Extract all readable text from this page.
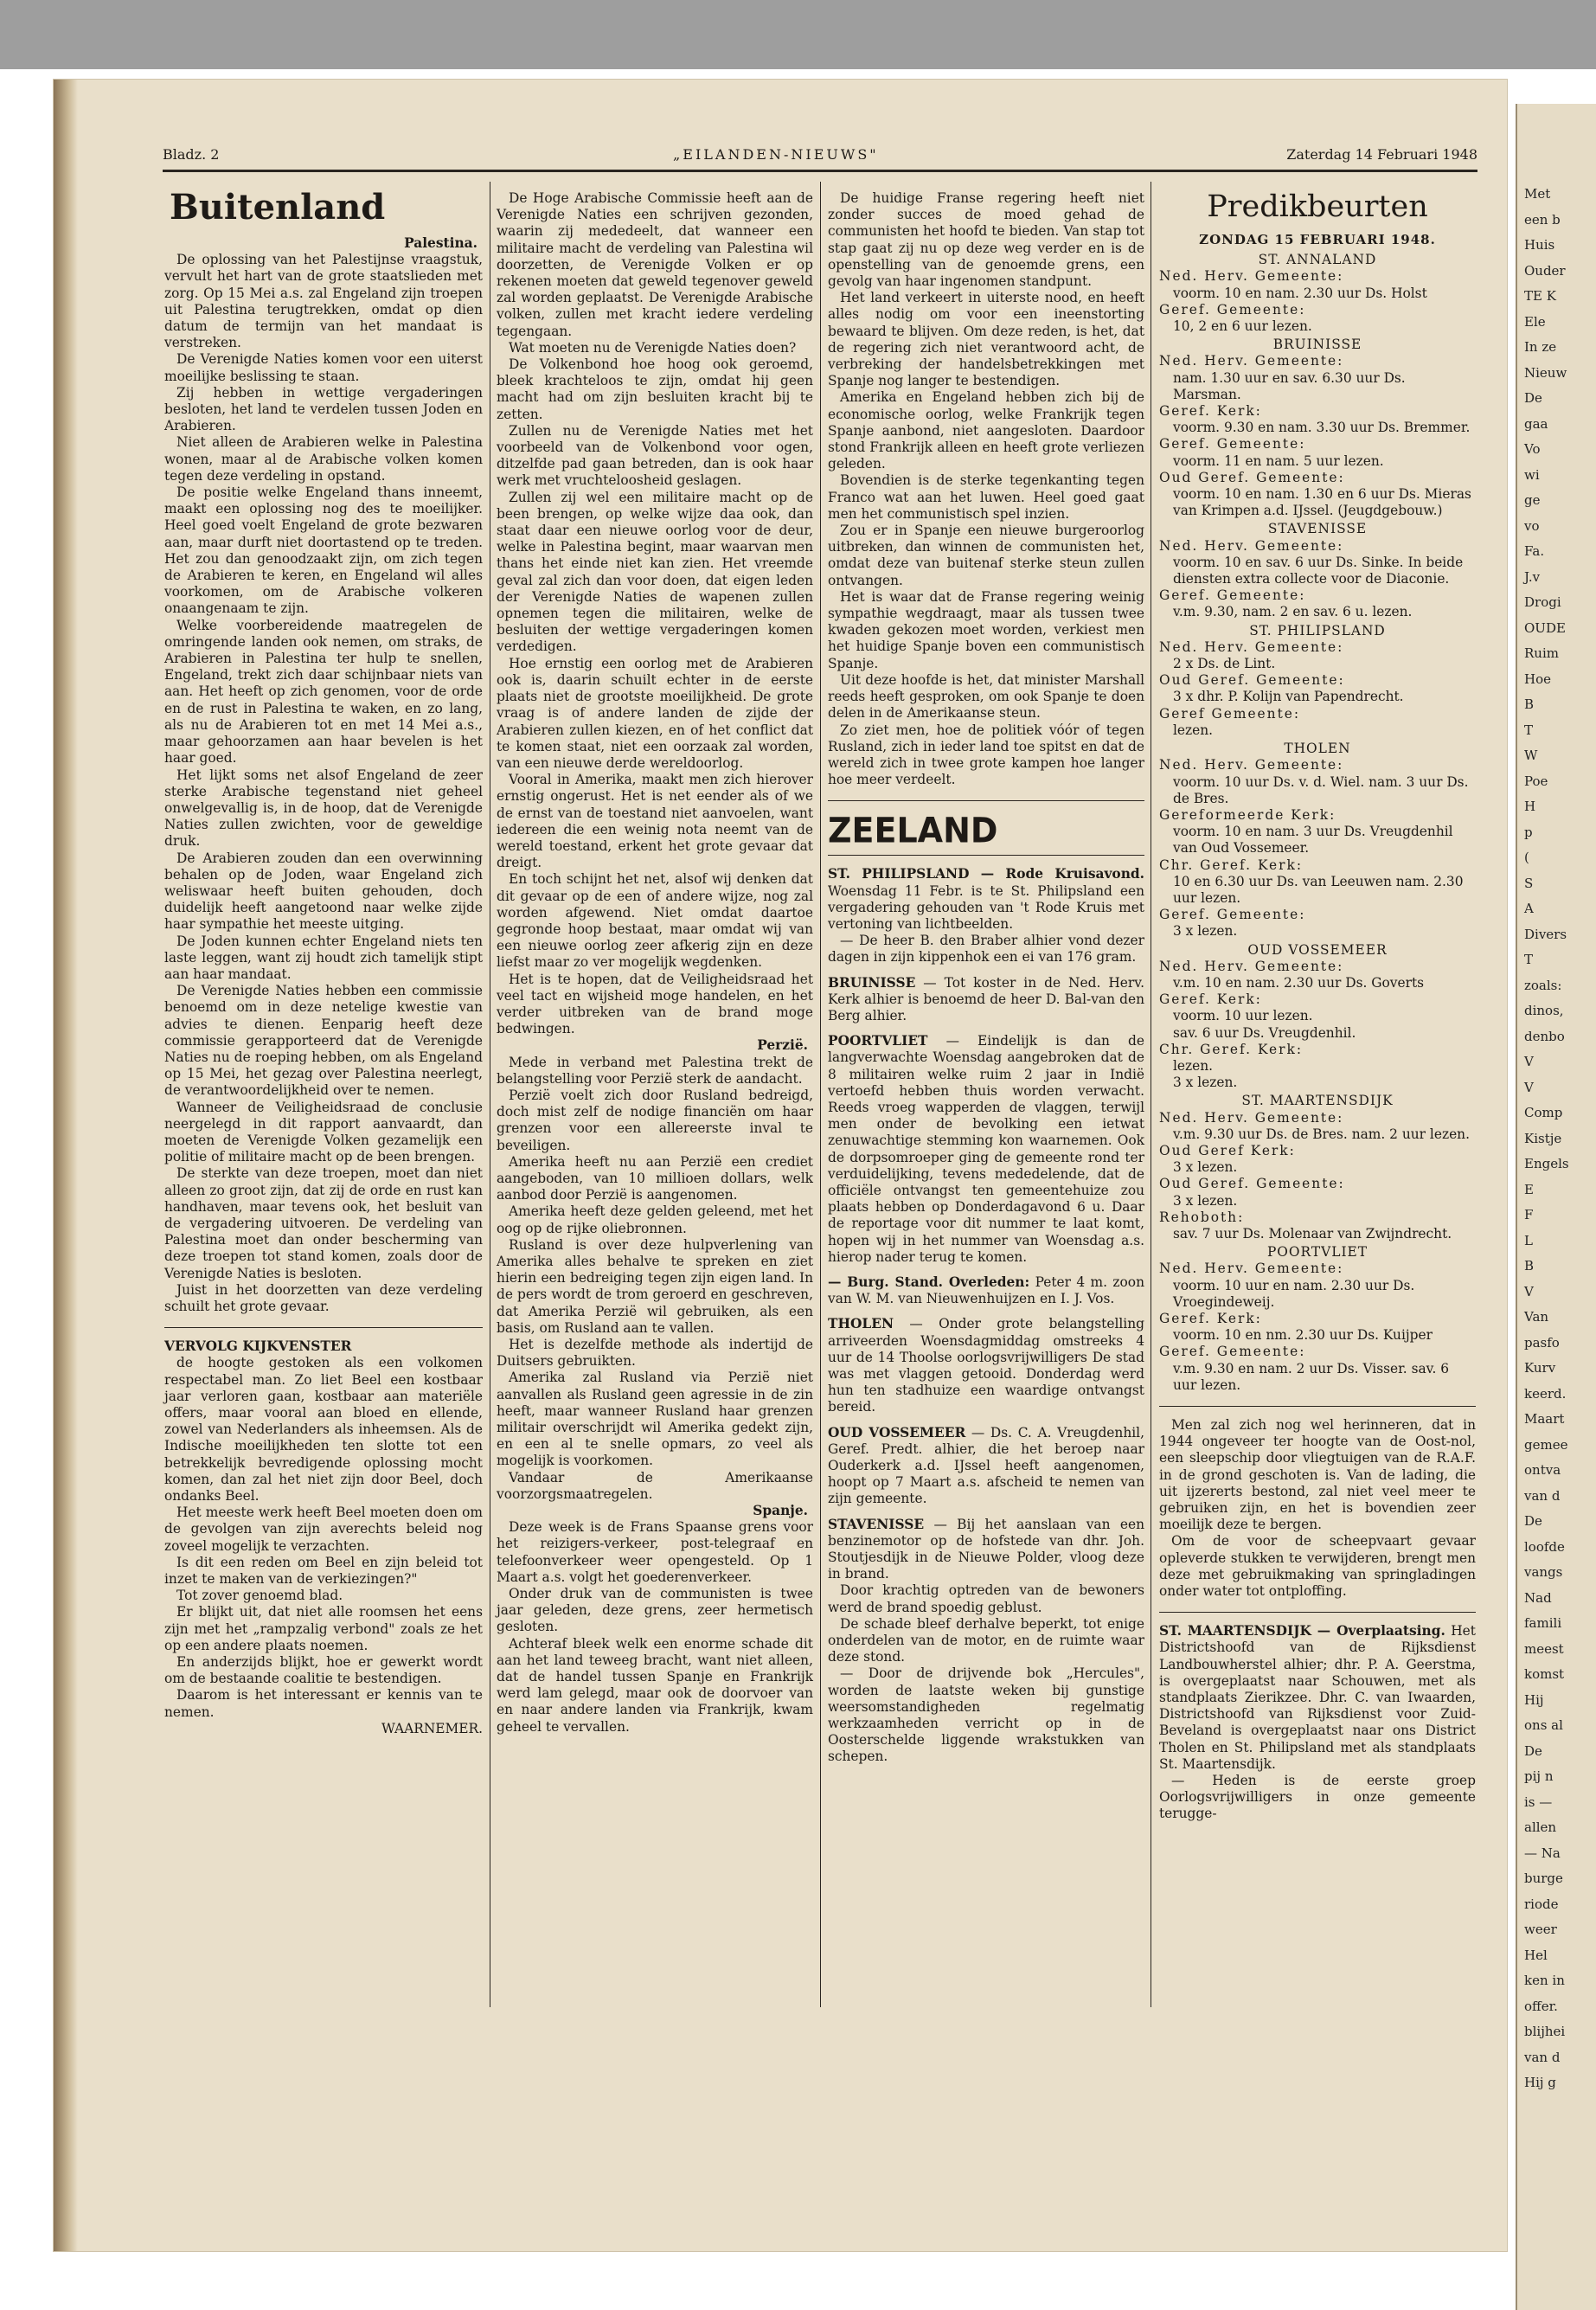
Met
een b
Huis
Ouder
TE K
Ele
In ze
Nieuw
De
gaa
Vo
wi
ge
vo
Fa.
J.v
Drogi
OUDE
Ruim
Hoe
B
T
W
Poe
H
p
(
S
A
Divers
T
zoals:
dinos,
denbo
V
V
Comp
Kistje
Engels
E
F
L
B
V
Van
pasfo
Kurv
keerd.
Maart
gemee
ontva
van d
De
loofde
vangs
Nad
famili
meest
komst
Hij
ons al
De
pij n
is —
allen
— Na
burge
riode
weer
Hel
ken in
offer.
blijhei
van d
Hij g
Bladz. 2	„EILANDEN-NIEUWS"	Zaterdag 14 Februari 1948
Buitenland
Palestina.

De oplossing van het Palestijnse vraagstuk, vervult het hart van de grote staatslieden met zorg. Op 15 Mei a.s. zal Engeland zijn troepen uit Palestina terugtrekken, omdat op dien datum de termijn van het mandaat is verstreken.

De Verenigde Naties komen voor een uiterst moeilijke beslissing te staan.

Zij hebben in wettige vergaderingen besloten, het land te verdelen tussen Joden en Arabieren.

Niet alleen de Arabieren welke in Palestina wonen, maar al de Arabische volken komen tegen deze verdeling in opstand.

De positie welke Engeland thans inneemt, maakt een oplossing nog des te moeilijker. Heel goed voelt Engeland de grote bezwaren aan, maar durft niet doortastend op te treden. Het zou dan genoodzaakt zijn, om zich tegen de Arabieren te keren, en Engeland wil alles voorkomen, om de Arabische volkeren onaangenaam te zijn.

Welke voorbereidende maatregelen de omringende landen ook nemen, om straks, de Arabieren in Palestina ter hulp te snellen, Engeland, trekt zich daar schijnbaar niets van aan. Het heeft op zich genomen, voor de orde en de rust in Palestina te waken, en zo lang, als nu de Arabieren tot en met 14 Mei a.s., maar gehoorzamen aan haar bevelen is het haar goed.

Het lijkt soms net alsof Engeland de zeer sterke Arabische tegenstand niet geheel onwelgevallig is, in de hoop, dat de Verenigde Naties zullen zwichten, voor de geweldige druk.

De Arabieren zouden dan een overwinning behalen op de Joden, waar Engeland zich weliswaar heeft buiten gehouden, doch duidelijk heeft aangetoond naar welke zijde haar sympathie het meeste uitging.

De Joden kunnen echter Engeland niets ten laste leggen, want zij houdt zich tamelijk stipt aan haar mandaat.

De Verenigde Naties hebben een commissie benoemd om in deze netelige kwestie van advies te dienen. Eenparig heeft deze commissie gerapporteerd dat de Verenigde Naties nu de roeping hebben, om als Engeland op 15 Mei, het gezag over Palestina neerlegt, de verantwoordelijkheid over te nemen.

Wanneer de Veiligheidsraad de conclusie neergelegd in dit rapport aanvaardt, dan moeten de Verenigde Volken gezamelijk een politie of militaire macht op de been brengen.

De sterkte van deze troepen, moet dan niet alleen zo groot zijn, dat zij de orde en rust kan handhaven, maar tevens ook, het besluit van de vergadering uitvoeren. De verdeling van Palestina moet dan onder bescherming van deze troepen tot stand komen, zoals door de Verenigde Naties is besloten.

Juist in het doorzetten van deze verdeling schuilt het grote gevaar.

VERVOLG KIJKVENSTER

de hoogte gestoken als een volkomen respectabel man. Zo liet Beel een kostbaar jaar verloren gaan, kostbaar aan materiële offers, maar vooral aan bloed en ellende, zowel van Nederlanders als inheemsen. Als de Indische moeilijkheden ten slotte tot een betrekkelijk bevredigende oplossing mocht komen, dan zal het niet zijn door Beel, doch ondanks Beel.

Het meeste werk heeft Beel moeten doen om de gevolgen van zijn averechts beleid nog zoveel mogelijk te verzachten.

Is dit een reden om Beel en zijn beleid tot inzet te maken van de verkiezingen?"

Tot zover genoemd blad.

Er blijkt uit, dat niet alle roomsen het eens zijn met het „rampzalig verbond" zoals ze het op een andere plaats noemen.

En anderzijds blijkt, hoe er gewerkt wordt om de bestaande coalitie te bestendigen.

Daarom is het interessant er kennis van te nemen.

WAARNEMER.

De Hoge Arabische Commissie heeft aan de Verenigde Naties een schrijven gezonden, waarin zij mededeelt, dat wanneer een militaire macht de verdeling van Palestina wil doorzetten, de Verenigde Volken er op rekenen moeten dat geweld tegenover geweld zal worden geplaatst. De Verenigde Arabische volken, zullen met kracht iedere verdeling tegengaan.

Wat moeten nu de Verenigde Naties doen?

De Volkenbond hoe hoog ook geroemd, bleek krachteloos te zijn, omdat hij geen macht had om zijn besluiten kracht bij te zetten.

Zullen nu de Verenigde Naties met het voorbeeld van de Volkenbond voor ogen, ditzelfde pad gaan betreden, dan is ook haar werk met vruchteloosheid geslagen.

Zullen zij wel een militaire macht op de been brengen, op welke wijze daa ook, dan staat daar een nieuwe oorlog voor de deur, welke in Palestina begint, maar waarvan men thans het einde niet kan zien. Het vreemde geval zal zich dan voor doen, dat eigen leden der Verenigde Naties de wapenen zullen opnemen tegen die militairen, welke de besluiten der wettige vergaderingen komen verdedigen.

Hoe ernstig een oorlog met de Arabieren ook is, daarin schuilt echter in de eerste plaats niet de grootste moeilijkheid. De grote vraag is of andere landen de zijde der Arabieren zullen kiezen, en of het conflict dat te komen staat, niet een oorzaak zal worden, van een nieuwe derde wereldoorlog.

Vooral in Amerika, maakt men zich hierover ernstig ongerust. Het is net eender als of we de ernst van de toestand niet aanvoelen, want iedereen die een weinig nota neemt van de wereld toestand, erkent het grote gevaar dat dreigt.

En toch schijnt het net, alsof wij denken dat dit gevaar op de een of andere wijze, nog zal worden afgewend. Niet omdat daartoe gegronde hoop bestaat, maar omdat wij van een nieuwe oorlog zeer afkerig zijn en deze liefst maar zo ver mogelijk wegdenken.

Het is te hopen, dat de Veiligheidsraad het veel tact en wijsheid moge handelen, en het verder uitbreken van de brand moge bedwingen.

Perzië.

Mede in verband met Palestina trekt de belangstelling voor Perzië sterk de aandacht.

Perzië voelt zich door Rusland bedreigd, doch mist zelf de nodige financiën om haar grenzen voor een allereerste inval te beveiligen.

Amerika heeft nu aan Perzië een crediet aangeboden, van 10 millioen dollars, welk aanbod door Perzië is aangenomen.

Amerika heeft deze gelden geleend, met het oog op de rijke oliebronnen.

Rusland is over deze hulpverlening van Amerika alles behalve te spreken en ziet hierin een bedreiging tegen zijn eigen land. In de pers wordt de trom geroerd en geschreven, dat Amerika Perzië wil gebruiken, als een basis, om Rusland aan te vallen.

Het is dezelfde methode als indertijd de Duitsers gebruikten.

Amerika zal Rusland via Perzië niet aanvallen als Rusland geen agressie in de zin heeft, maar wanneer Rusland haar grenzen militair overschrijdt wil Amerika gedekt zijn, en een al te snelle opmars, zo veel als mogelijk is voorkomen.

Vandaar de Amerikaanse voorzorgsmaatregelen.

Spanje.

Deze week is de Frans Spaanse grens voor het reizigers-verkeer, post-telegraaf en telefoonverkeer weer opengesteld. Op 1 Maart a.s. volgt het goederenverkeer.

Onder druk van de communisten is twee jaar geleden, deze grens, zeer hermetisch gesloten.

Achteraf bleek welk een enorme schade dit aan het land teweeg bracht, want niet alleen, dat de handel tussen Spanje en Frankrijk werd lam gelegd, maar ook de doorvoer van en naar andere landen via Frankrijk, kwam geheel te vervallen.

De huidige Franse regering heeft niet zonder succes de moed gehad de communisten het hoofd te bieden. Van stap tot stap gaat zij nu op deze weg verder en is de openstelling van de genoemde grens, een gevolg van haar ingenomen standpunt.

Het land verkeert in uiterste nood, en heeft alles nodig om voor een ineenstorting bewaard te blijven. Om deze reden, is het, dat de regering zich niet verantwoord acht, de verbreking der handelsbetrekkingen met Spanje nog langer te bestendigen.

Amerika en Engeland hebben zich bij de economische oorlog, welke Frankrijk tegen Spanje aanbond, niet aangesloten. Daardoor stond Frankrijk alleen en heeft grote verliezen geleden.

Bovendien is de sterke tegenkanting tegen Franco wat aan het luwen. Heel goed gaat men het communistisch spel inzien.

Zou er in Spanje een nieuwe burgeroorlog uitbreken, dan winnen de communisten het, omdat deze van buitenaf sterke steun zullen ontvangen.

Het is waar dat de Franse regering weinig sympathie wegdraagt, maar als tussen twee kwaden gekozen moet worden, verkiest men het huidige Spanje boven een communistisch Spanje.

Uit deze hoofde is het, dat minister Marshall reeds heeft gesproken, om ook Spanje te doen delen in de Amerikaanse steun.

Zo ziet men, hoe de politiek vóór of tegen Rusland, zich in ieder land toe spitst en dat de wereld zich in twee grote kampen hoe langer hoe meer verdeelt.

ZEELAND

ST. PHILIPSLAND — Rode Kruisavond. Woensdag 11 Febr. is te St. Philipsland een vergadering gehouden van 't Rode Kruis met vertoning van lichtbeelden.

— De heer B. den Braber alhier vond dezer dagen in zijn kippenhok een ei van 176 gram.

BRUINISSE — Tot koster in de Ned. Herv. Kerk alhier is benoemd de heer D. Bal-van den Berg alhier.

POORTVLIET — Eindelijk is dan de langverwachte Woensdag aangebroken dat de 8 militairen welke ruim 2 jaar in Indië vertoefd hebben thuis worden verwacht. Reeds vroeg wapperden de vlaggen, terwijl men onder de bevolking een ietwat zenuwachtige stemming kon waarnemen. Ook de dorpsomroeper ging de gemeente rond ter verduidelijking, tevens mededelende, dat de officiële ontvangst ten gemeentehuize zou plaats hebben op Donderdagavond 6 u. Daar de reportage voor dit nummer te laat komt, hopen wij in het nummer van Woensdag a.s. hierop nader terug te komen.

— Burg. Stand. Overleden: Peter 4 m. zoon van W. M. van Nieuwenhuijzen en I. J. Vos.

THOLEN — Onder grote belangstelling arriveerden Woensdagmiddag omstreeks 4 uur de 14 Thoolse oorlogsvrijwilligers De stad was met vlaggen getooid. Donderdag werd hun ten stadhuize een waardige ontvangst bereid.

OUD VOSSEMEER — Ds. C. A. Vreugdenhil, Geref. Predt. alhier, die het beroep naar Ouderkerk a.d. IJssel heeft aangenomen, hoopt op 7 Maart a.s. afscheid te nemen van zijn gemeente.

STAVENISSE — Bij het aanslaan van een benzinemotor op de hofstede van dhr. Joh. Stoutjesdijk in de Nieuwe Polder, vloog deze in brand.

Door krachtig optreden van de bewoners werd de brand spoedig geblust.

De schade bleef derhalve beperkt, tot enige onderdelen van de motor, en de ruimte waar deze stond.

— Door de drijvende bok „Hercules", worden de laatste weken bij gunstige weersomstandigheden regelmatig werkzaamheden verricht op in de Oosterschelde liggende wrakstukken van schepen.

Predikbeurten
ZONDAG 15 FEBRUARI 1948.
ST. ANNALAND
Ned. Herv. Gemeente:
voorm. 10 en nam. 2.30 uur Ds. Holst
Geref. Gemeente:
10, 2 en 6 uur lezen.
BRUINISSE
Ned. Herv. Gemeente:
nam. 1.30 uur en sav. 6.30 uur Ds. Marsman.
Geref. Kerk:
voorm. 9.30 en nam. 3.30 uur Ds. Bremmer.
Geref. Gemeente:
voorm. 11 en nam. 5 uur lezen.
Oud Geref. Gemeente:
voorm. 10 en nam. 1.30 en 6 uur Ds. Mieras van Krimpen a.d. IJssel. (Jeugdgebouw.)
STAVENISSE
Ned. Herv. Gemeente:
voorm. 10 en sav. 6 uur Ds. Sinke. In beide diensten extra collecte voor de Diaconie.
Geref. Gemeente:
v.m. 9.30, nam. 2 en sav. 6 u. lezen.
ST. PHILIPSLAND
Ned. Herv. Gemeente:
2 x Ds. de Lint.
Oud Geref. Gemeente:
3 x dhr. P. Kolijn van Papendrecht.
Geref Gemeente:
lezen.
THOLEN
Ned. Herv. Gemeente:
voorm. 10 uur Ds. v. d. Wiel. nam. 3 uur Ds. de Bres.
Gereformeerde Kerk:
voorm. 10 en nam. 3 uur Ds. Vreugdenhil van Oud Vossemeer.
Chr. Geref. Kerk:
10 en 6.30 uur Ds. van Leeuwen nam. 2.30 uur lezen.
Geref. Gemeente:
3 x lezen.
OUD VOSSEMEER
Ned. Herv. Gemeente:
v.m. 10 en nam. 2.30 uur Ds. Goverts
Geref. Kerk:
voorm. 10 uur lezen.
sav. 6 uur Ds. Vreugdenhil.
Chr. Geref. Kerk:
lezen.
3 x lezen.
ST. MAARTENSDIJK
Ned. Herv. Gemeente:
v.m. 9.30 uur Ds. de Bres. nam. 2 uur lezen.
Oud Geref Kerk:
3 x lezen.
Oud Geref. Gemeente:
3 x lezen.
Rehoboth:
sav. 7 uur Ds. Molenaar van Zwijndrecht.
POORTVLIET
Ned. Herv. Gemeente:
voorm. 10 uur en nam. 2.30 uur Ds. Vroegindeweij.
Geref. Kerk:
voorm. 10 en nm. 2.30 uur Ds. Kuijper
Geref. Gemeente:
v.m. 9.30 en nam. 2 uur Ds. Visser. sav. 6 uur lezen.

Men zal zich nog wel herinneren, dat in 1944 ongeveer ter hoogte van de Oost-nol, een sleepschip door vliegtuigen van de R.A.F. in de grond geschoten is. Van de lading, die uit ijzererts bestond, zal niet veel meer te gebruiken zijn, en het is bovendien zeer moeilijk deze te bergen.

Om de voor de scheepvaart gevaar opleverde stukken te verwijderen, brengt men deze met gebruikmaking van springladingen onder water tot ontploffing.

ST. MAARTENSDIJK — Overplaatsing. Het Districtshoofd van de Rijksdienst Landbouwherstel alhier; dhr. P. A. Geerstma, is overgeplaatst naar Schouwen, met als standplaats Zierikzee. Dhr. C. van Iwaarden, Districtshoofd van Rijksdienst voor Zuid-Beveland is overgeplaatst naar ons District Tholen en St. Philipsland met als standplaats St. Maartensdijk.

— Heden is de eerste groep Oorlogsvrijwilligers in onze gemeente terugge-
